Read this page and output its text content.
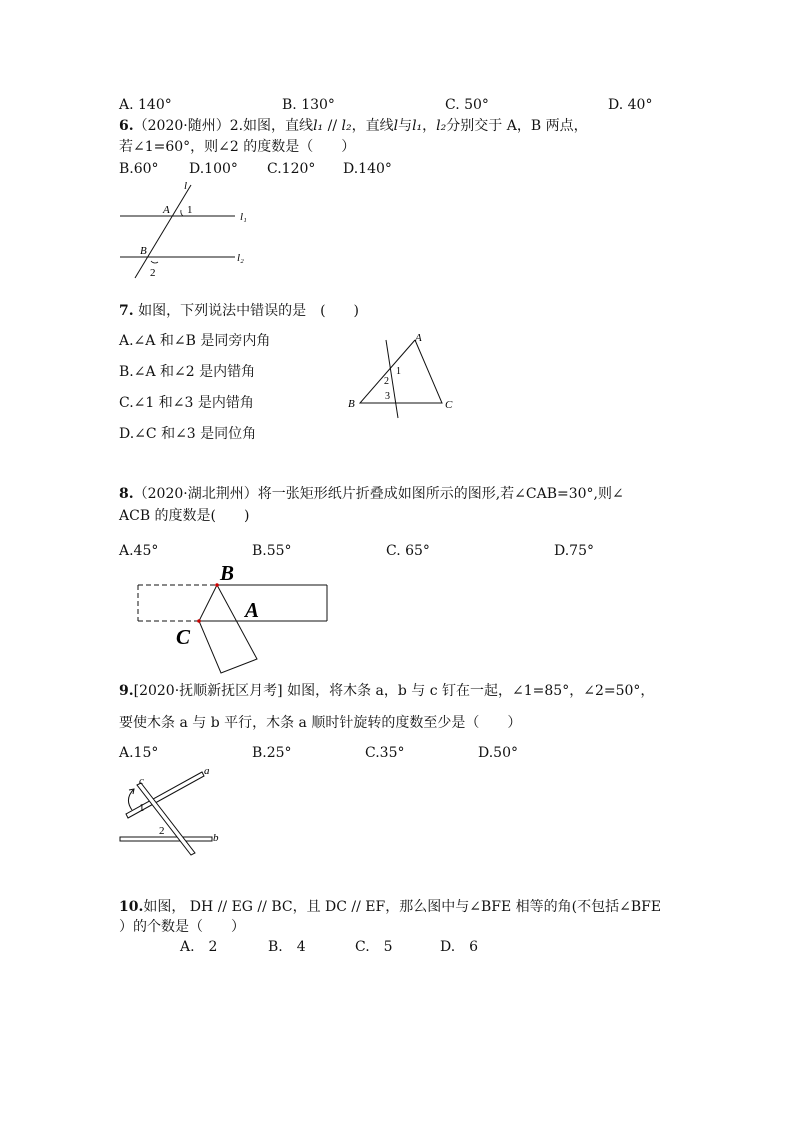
A. 140°	B. 130°	C. 50°	D. 40°
6.（2020·随州）2.如图，直线l₁ // l₂，直线l与l₁，l₂分别交于 A，B 两点，
若∠1=60°，则∠2 的度数是（　　）
B.60° D.100° C.120° D.140°
l
A 1
l₁
B
l₂
2
7. 如图，下列说法中错误的是　(　　)
A.∠A 和∠B 是同旁内角
B.∠A 和∠2 是内错角
C.∠1 和∠3 是内错角
D.∠C 和∠3 是同位角
A
B	C
1
2
3
8.（2020·湖北荆州）将一张矩形纸片折叠成如图所示的图形,若∠CAB=30°,则∠
ACB 的度数是(　　)
A.45°	B.55°	C. 65°	D.75°
B
A
C
9.[2020·抚顺新抚区月考] 如图，将木条 a，b 与 c 钉在一起，∠1=85°，∠2=50°，
要使木条 a 与 b 平行，木条 a 顺时针旋转的度数至少是（　　）
A.15°	B.25°	C.35°	D.50°
c
a
1
2
b
10.如图， DH // EG // BC，且 DC // EF，那么图中与∠BFE 相等的角(不包括∠BFE
）的个数是（　　）
A.　2	B.　4	C.　5	D.　6
